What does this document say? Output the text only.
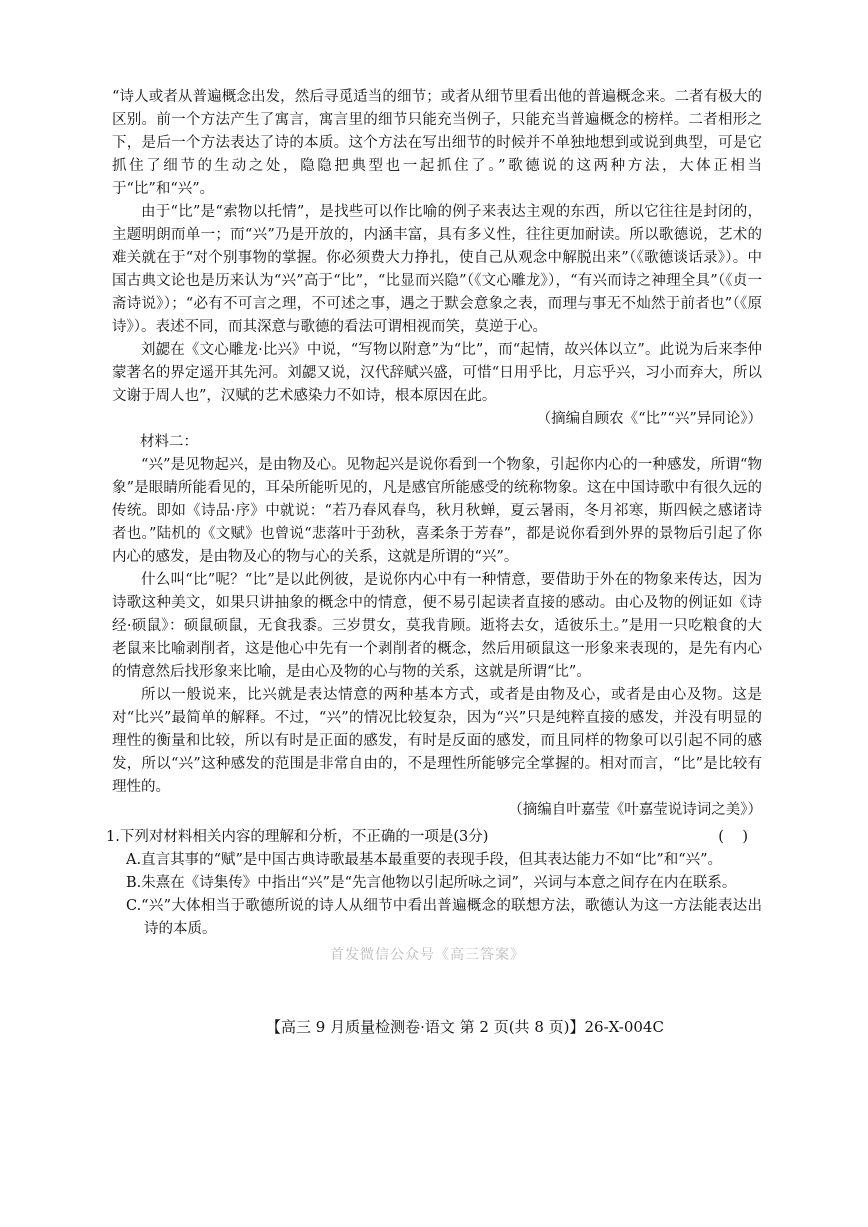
“诗人或者从普遍概念出发，然后寻觅适当的细节；或者从细节里看出他的普遍概念来。二者有极大的区别。前一个方法产生了寓言，寓言里的细节只能充当例子，只能充当普遍概念的榜样。二者相形之下，是后一个方法表达了诗的本质。这个方法在写出细节的时候并不单独地想到或说到典型，可是它抓住了细节的生动之处，隐隐把典型也一起抓住了。”歌德说的这两种方法，大体正相当于“比”和“兴”。

由于“比”是“索物以托情”，是找些可以作比喻的例子来表达主观的东西，所以它往往是封闭的，主题明朗而单一；而“兴”乃是开放的，内涵丰富，具有多义性，往往更加耐读。所以歌德说，艺术的难关就在于“对个别事物的掌握。你必须费大力挣扎，使自己从观念中解脱出来”（《歌德谈话录》）。中国古典文论也是历来认为“兴”高于“比”，“比显而兴隐”（《文心雕龙》），“有兴而诗之神理全具”（《贞一斋诗说》）；“必有不可言之理，不可述之事，遇之于默会意象之表，而理与事无不灿然于前者也”（《原诗》）。表述不同，而其深意与歌德的看法可谓相视而笑，莫逆于心。

刘勰在《文心雕龙·比兴》中说，“写物以附意”为“比”，而“起情，故兴体以立”。此说为后来李仲蒙著名的界定遥开其先河。刘勰又说，汉代辞赋兴盛，可惜“日用乎比，月忘乎兴，习小而弃大，所以文谢于周人也”，汉赋的艺术感染力不如诗，根本原因在此。

（摘编自顾农《“比”“兴”异同论》）

材料二：

“兴”是见物起兴，是由物及心。见物起兴是说你看到一个物象，引起你内心的一种感发，所谓“物象”是眼睛所能看见的，耳朵所能听见的，凡是感官所能感受的统称物象。这在中国诗歌中有很久远的传统。即如《诗品·序》中就说：“若乃春风春鸟，秋月秋蝉，夏云暑雨，冬月祁寒，斯四候之感诸诗者也。”陆机的《文赋》也曾说“悲落叶于劲秋，喜柔条于芳春”，都是说你看到外界的景物后引起了你内心的感发，是由物及心的物与心的关系，这就是所谓的“兴”。

什么叫“比”呢？“比”是以此例彼，是说你内心中有一种情意，要借助于外在的物象来传达，因为诗歌这种美文，如果只讲抽象的概念中的情意，便不易引起读者直接的感动。由心及物的例证如《诗经·硕鼠》：硕鼠硕鼠，无食我黍。三岁贯女，莫我肯顾。逝将去女，适彼乐土。”是用一只吃粮食的大老鼠来比喻剥削者，这是他心中先有一个剥削者的概念，然后用硕鼠这一形象来表现的，是先有内心的情意然后找形象来比喻，是由心及物的心与物的关系，这就是所谓“比”。

所以一般说来，比兴就是表达情意的两种基本方式，或者是由物及心，或者是由心及物。这是对“比兴”最简单的解释。不过，“兴”的情况比较复杂，因为“兴”只是纯粹直接的感发，并没有明显的理性的衡量和比较，所以有时是正面的感发，有时是反面的感发，而且同样的物象可以引起不同的感发，所以“兴”这种感发的范围是非常自由的，不是理性所能够完全掌握的。相对而言，“比”是比较有理性的。

（摘编自叶嘉莹《叶嘉莹说诗词之美》）

1.下列对材料相关内容的理解和分析，不正确的一项是(3分)	(    )

A.直言其事的“赋”是中国古典诗歌最基本最重要的表现手段，但其表达能力不如“比”和“兴”。

B.朱熹在《诗集传》中指出“兴”是“先言他物以引起所咏之词”，兴词与本意之间存在内在联系。

C.“兴”大体相当于歌德所说的诗人从细节中看出普遍概念的联想方法，歌德认为这一方法能表达出诗的本质。

首发微信公众号《高三答案》
【高三 9 月质量检测卷·语文 第 2 页(共 8 页)】26-X-004C
